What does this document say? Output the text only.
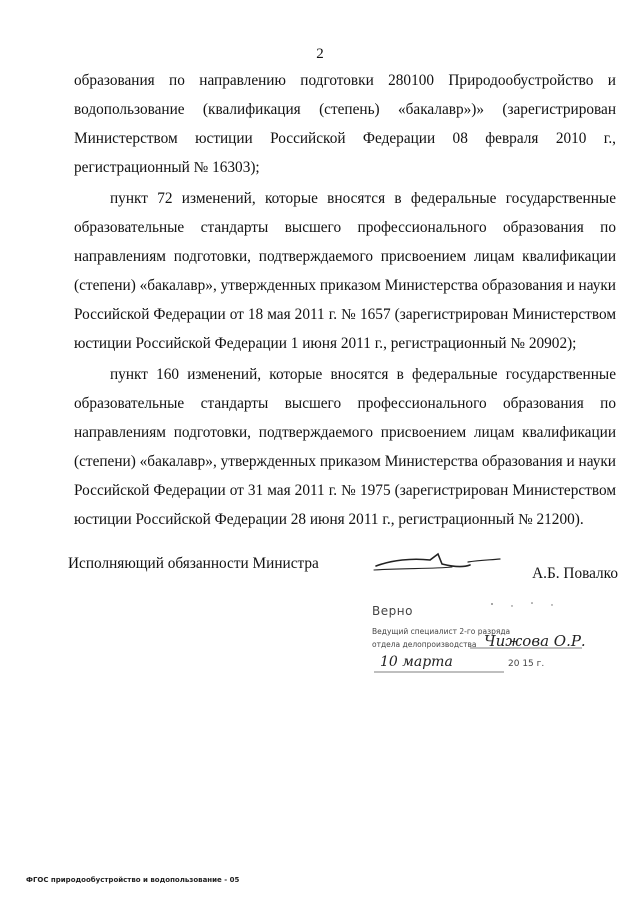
2

образования по направлению подготовки 280100 Природообустройство и водопользование (квалификация (степень) «бакалавр»)» (зарегистрирован Министерством юстиции Российской Федерации 08 февраля 2010 г., регистрационный № 16303);

пункт 72 изменений, которые вносятся в федеральные государственные образовательные стандарты высшего профессионального образования по направлениям подготовки, подтверждаемого присвоением лицам квалификации (степени) «бакалавр», утвержденных приказом Министерства образования и науки Российской Федерации от 18 мая 2011 г. № 1657 (зарегистрирован Министерством юстиции Российской Федерации 1 июня 2011 г., регистрационный № 20902);

пункт 160 изменений, которые вносятся в федеральные государственные образовательные стандарты высшего профессионального образования по направлениям подготовки, подтверждаемого присвоением лицам квалификации (степени) «бакалавр», утвержденных приказом Министерства образования и науки Российской Федерации от 31 мая 2011 г. № 1975 (зарегистрирован Министерством юстиции Российской Федерации 28 июня 2011 г., регистрационный № 21200).

Исполняющий обязанности Министра
А.Б. Повалко
Верно
Ведущий специалист 2-го разряда
отдела делопроизводства Чижова О.Р.
10 марта	20 15 г.
ФГОС природообустройство и водопользование - 05
